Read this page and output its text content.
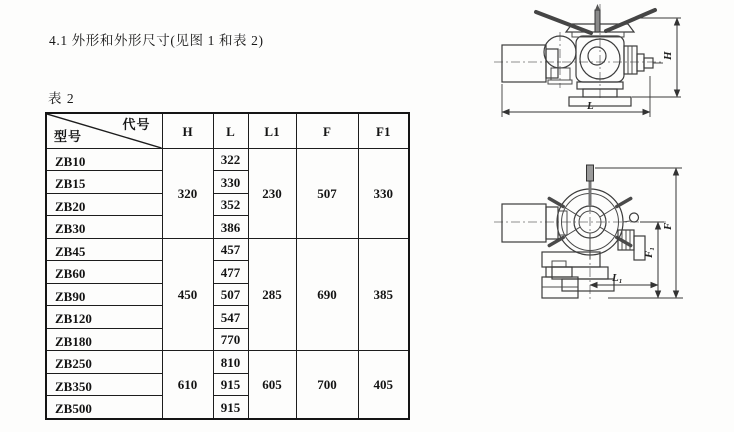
4.1 外形和外形尺寸(见图 1 和表 2)
表 2
代号
型号	H	L	L1	F	F1
ZB10	320	322	230	507	330
ZB15		330			
ZB20		352			
ZB30		386			
ZB45	450	457	285	690	385
ZB60		477			
ZB90		507			
ZB120		547			
ZB180		770			
ZB250	610	810	605	700	405
ZB350		915			
ZB500		915			
L
H
F
F₁
L₁
